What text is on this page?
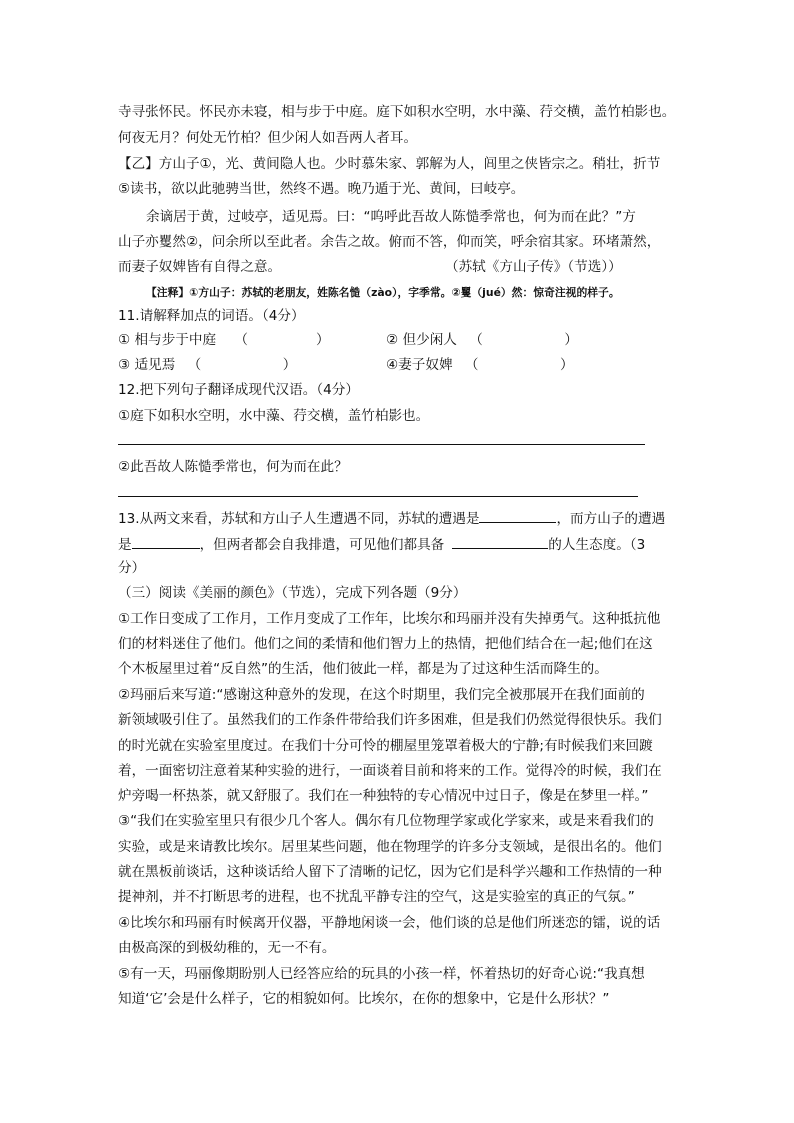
寺寻张怀民。怀民亦未寝，相与步于中庭。庭下如积水空明，水中藻、荇交横，盖竹柏影也。
何夜无月？何处无竹柏？但少闲人如吾两人者耳。
【乙】方山子①，光、黄间隐人也。少时慕朱家、郭解为人，闾里之侠皆宗之。稍壮，折节
⑤读书，欲以此驰骋当世，然终不遇。晚乃遁于光、黄间，曰岐亭。
余谪居于黄，过岐亭，适见焉。曰：“呜呼此吾故人陈慥季常也，何为而在此？”方
山子亦矍然②，问余所以至此者。余告之故。俯而不答，仰而笑，呼余宿其家。环堵萧然，
而妻子奴婢皆有自得之意。	（苏轼《方山子传》（节选））
【注释】①方山子：苏轼的老朋友，姓陈名慥（zào），字季常。②矍（jué）然：惊奇注视的样子。
11.请解释加点的词语。（4分）
① 相与步于中庭 （　　　　　）	② 但少闲人 （　　　　　　）
③ 适见焉 （　　　　　　）	④妻子奴婢 （　　　　　　）
12.把下列句子翻译成现代汉语。（4分）
①庭下如积水空明，水中藻、荇交横，盖竹柏影也。
②此吾故人陈慥季常也，何为而在此？
13.从两文来看，苏轼和方山子人生遭遇不同，苏轼的遭遇是	，而方山子的遭遇
是	，但两者都会自我排遣，可见他们都具备	的人生态度。（3
分）
（三）阅读《美丽的颜色》（节选），完成下列各题（9分）
①工作日变成了工作月，工作月变成了工作年，比埃尔和玛丽并没有失掉勇气。这种抵抗他
们的材料迷住了他们。他们之间的柔情和他们智力上的热情，把他们结合在一起;他们在这
个木板屋里过着“反自然”的生活，他们彼此一样，都是为了过这种生活而降生的。
②玛丽后来写道:“感谢这种意外的发现，在这个时期里，我们完全被那展开在我们面前的
新领域吸引住了。虽然我们的工作条件带给我们许多困难，但是我们仍然觉得很快乐。我们
的时光就在实验室里度过。在我们十分可怜的棚屋里笼罩着极大的宁静;有时候我们来回踱
着，一面密切注意着某种实验的进行，一面谈着目前和将来的工作。觉得冷的时候，我们在
炉旁喝一杯热茶，就又舒服了。我们在一种独特的专心情况中过日子，像是在梦里一样。”
③“我们在实验室里只有很少几个客人。偶尔有几位物理学家或化学家来，或是来看我们的
实验，或是来请教比埃尔。居里某些问题，他在物理学的许多分支领域，是很出名的。他们
就在黑板前谈话，这种谈话给人留下了清晰的记忆，因为它们是科学兴趣和工作热情的一种
提神剂，并不打断思考的进程，也不扰乱平静专注的空气，这是实验室的真正的气氛。”
④比埃尔和玛丽有时候离开仪器，平静地闲谈一会，他们谈的总是他们所迷恋的镭，说的话
由极高深的到极幼稚的，无一不有。
⑤有一天，玛丽像期盼别人已经答应给的玩具的小孩一样，怀着热切的好奇心说:“我真想
知道‘它’会是什么样子，它的相貌如何。比埃尔，在你的想象中，它是什么形状？”
